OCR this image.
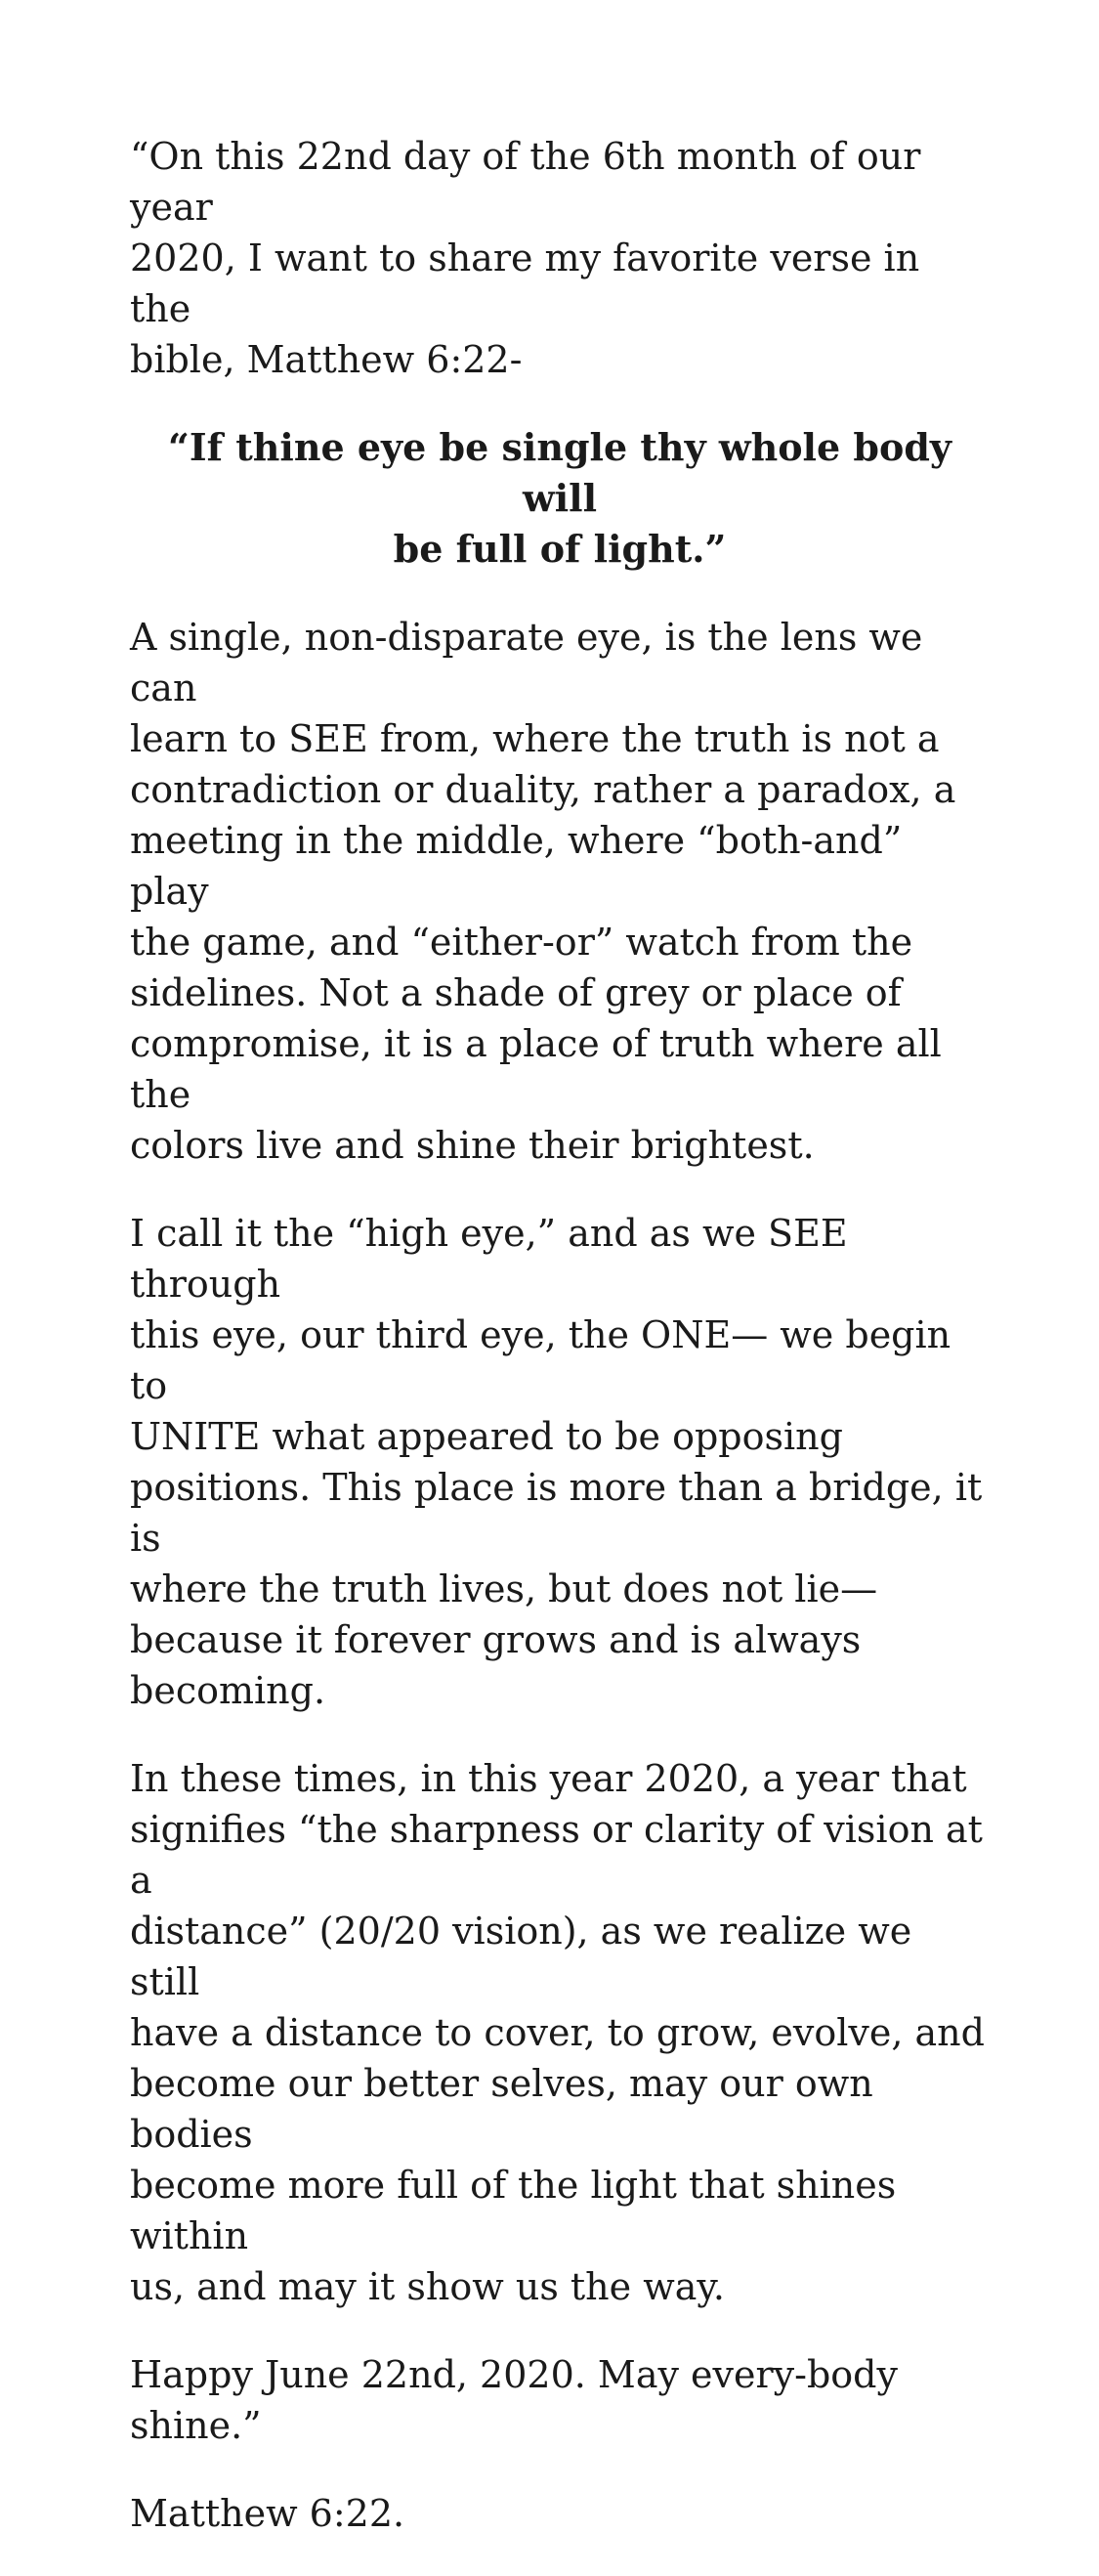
“On this 22nd day of the 6th month of our year
2020, I want to share my favorite verse in the
bible, Matthew 6:22-

“If thine eye be single thy whole body will
be full of light.”

A single, non-disparate eye, is the lens we can
learn to SEE from, where the truth is not a
contradiction or duality, rather a paradox, a
meeting in the middle, where “both-and” play
the game, and “either-or” watch from the
sidelines. Not a shade of grey or place of
compromise, it is a place of truth where all the
colors live and shine their brightest.

I call it the “high eye,” and as we SEE through
this eye, our third eye, the ONE— we begin to
UNITE what appeared to be opposing
positions. This place is more than a bridge, it is
where the truth lives, but does not lie—
because it forever grows and is always
becoming.

In these times, in this year 2020, a year that
signifies “the sharpness or clarity of vision at a
distance” (20/20 vision), as we realize we still
have a distance to cover, to grow, evolve, and
become our better selves, may our own bodies
become more full of the light that shines within
us, and may it show us the way.

Happy June 22nd, 2020. May every-body
shine.”

Matthew 6:22.
